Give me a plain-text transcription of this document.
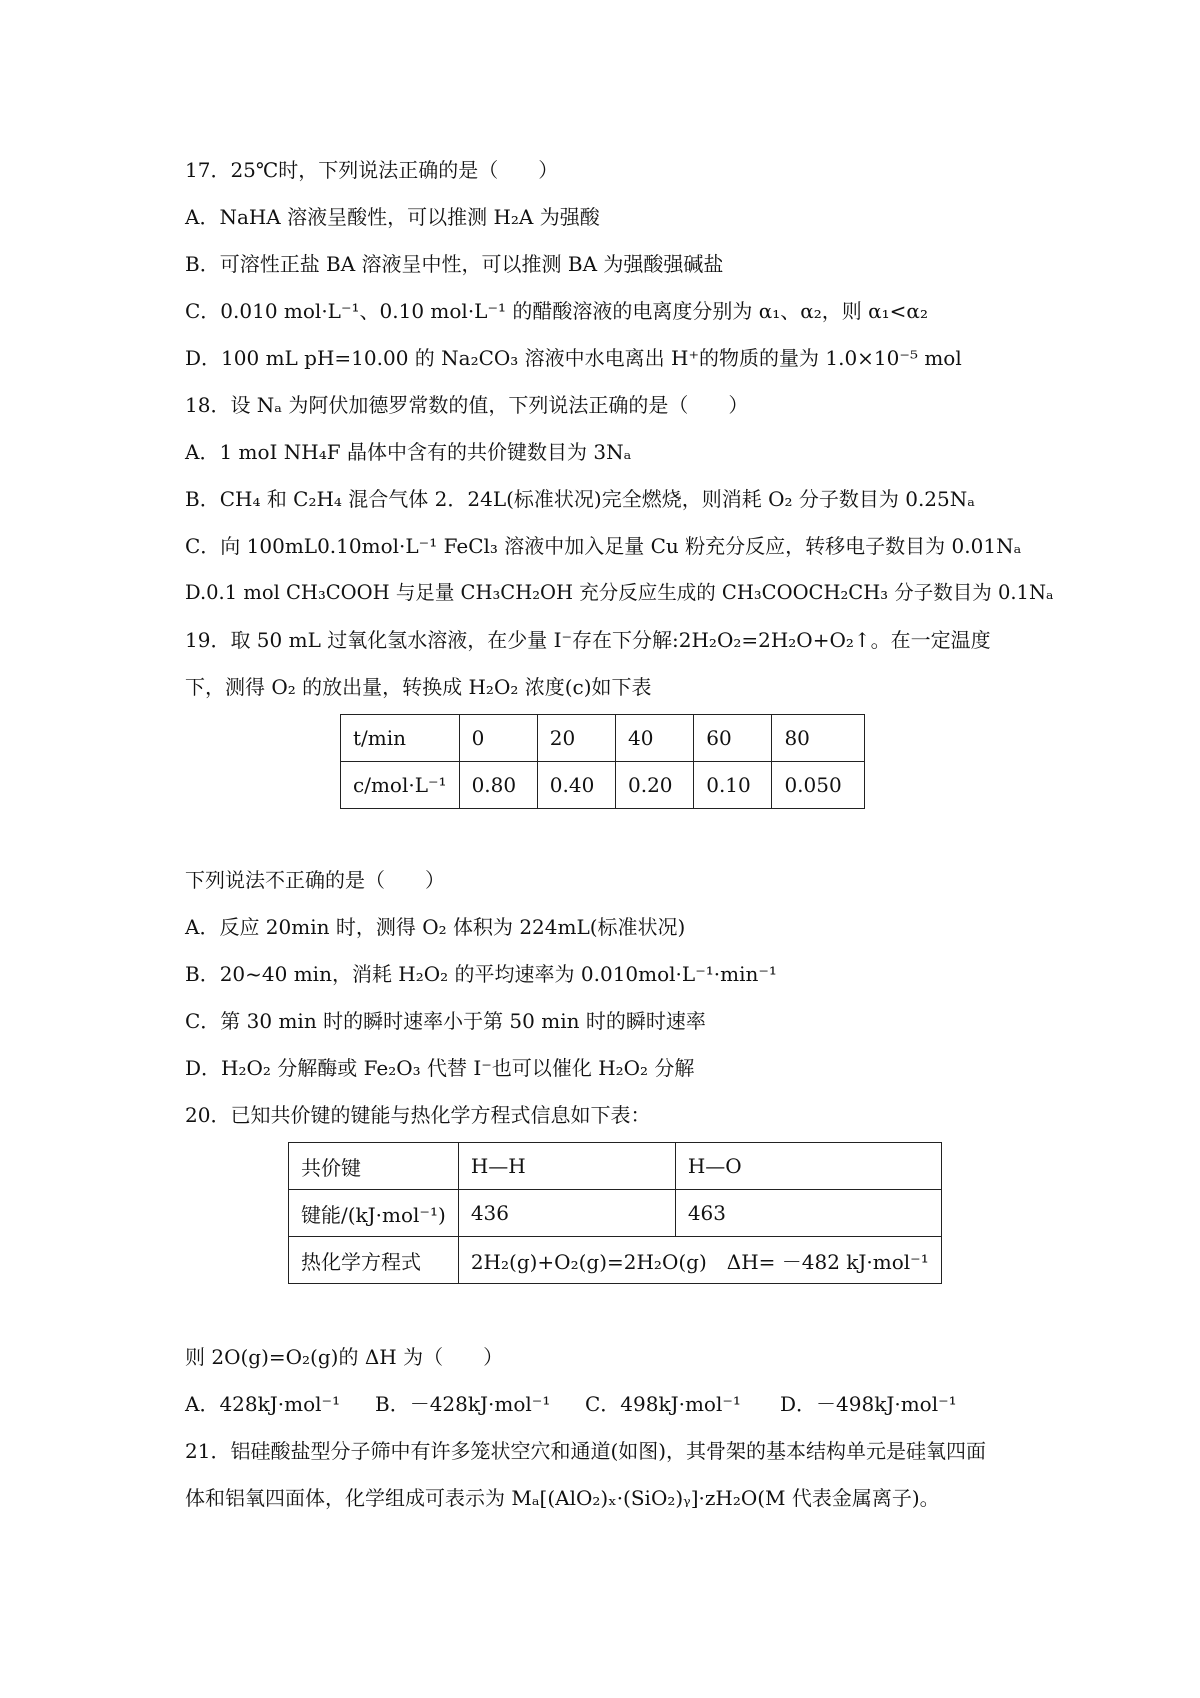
17．25℃时，下列说法正确的是（　　）
A．NaHA 溶液呈酸性，可以推测 H₂A 为强酸
B．可溶性正盐 BA 溶液呈中性，可以推测 BA 为强酸强碱盐
C．0.010 mol·L⁻¹、0.10 mol·L⁻¹ 的醋酸溶液的电离度分别为 α₁、α₂，则 α₁<α₂
D．100 mL pH=10.00 的 Na₂CO₃ 溶液中水电离出 H⁺的物质的量为 1.0×10⁻⁵ mol
18．设 Nₐ 为阿伏加德罗常数的值，下列说法正确的是（　　）
A．1 moI NH₄F 晶体中含有的共价键数目为 3Nₐ
B．CH₄ 和 C₂H₄ 混合气体 2．24L(标准状况)完全燃烧，则消耗 O₂ 分子数目为 0.25Nₐ
C．向 100mL0.10mol·L⁻¹ FeCl₃ 溶液中加入足量 Cu 粉充分反应，转移电子数目为 0.01Nₐ
D.0.1 mol CH₃COOH 与足量 CH₃CH₂OH 充分反应生成的 CH₃COOCH₂CH₃ 分子数目为 0.1Nₐ
19．取 50 mL 过氧化氢水溶液，在少量 I⁻存在下分解:2H₂O₂=2H₂O+O₂↑。在一定温度
下，测得 O₂ 的放出量，转换成 H₂O₂ 浓度(c)如下表
t/min	0	20	40	60	80
c/mol·L⁻¹	0.80	0.40	0.20	0.10	0.050
下列说法不正确的是（　　）
A．反应 20min 时，测得 O₂ 体积为 224mL(标准状况)
B．20~40 min，消耗 H₂O₂ 的平均速率为 0.010mol·L⁻¹·min⁻¹
C．第 30 min 时的瞬时速率小于第 50 min 时的瞬时速率
D．H₂O₂ 分解酶或 Fe₂O₃ 代替 I⁻也可以催化 H₂O₂ 分解
20．已知共价键的键能与热化学方程式信息如下表：
共价键	H—H	H—O
键能/(kJ·mol⁻¹)	436	463
热化学方程式	2H₂(g)+O₂(g)=2H₂O(g)　ΔH= －482 kJ·mol⁻¹	
则 2O(g)=O₂(g)的 ΔH 为（　　）
A．428kJ·mol⁻¹ B．－428kJ·mol⁻¹ C．498kJ·mol⁻¹ D．－498kJ·mol⁻¹
21．铝硅酸盐型分子筛中有许多笼状空穴和通道(如图)，其骨架的基本结构单元是硅氧四面
体和铝氧四面体，化学组成可表示为 Mₐ[(AlO₂)ₓ·(SiO₂)ᵧ]·zH₂O(M 代表金属离子)。
